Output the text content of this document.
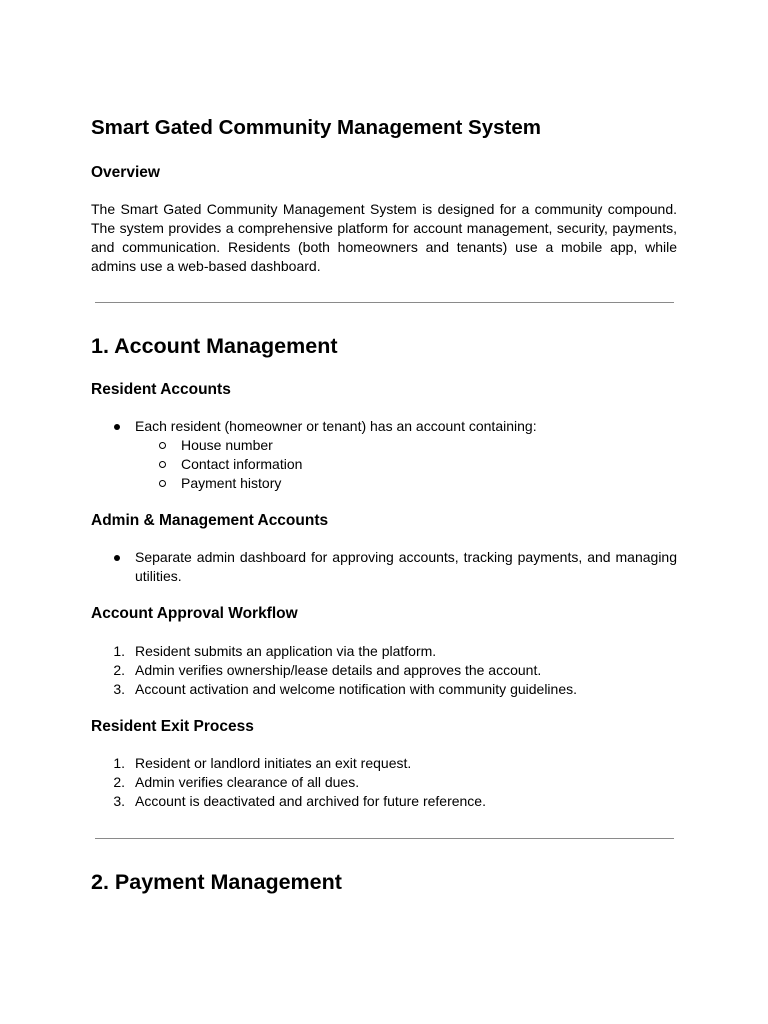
Smart Gated Community Management System
Overview

The Smart Gated Community Management System is designed for a community compound. The system provides a comprehensive platform for account management, security, payments, and communication. Residents (both homeowners and tenants) use a mobile app, while admins use a web-based dashboard.

1. Account Management
Resident Accounts
Each resident (homeowner or tenant) has an account containing:
House number
Contact information
Payment history
Admin & Management Accounts
Separate admin dashboard for approving accounts, tracking payments, and managing utilities.
Account Approval Workflow
1. Resident submits an application via the platform.
2. Admin verifies ownership/lease details and approves the account.
3. Account activation and welcome notification with community guidelines.
Resident Exit Process
1. Resident or landlord initiates an exit request.
2. Admin verifies clearance of all dues.
3. Account is deactivated and archived for future reference.
2. Payment Management
